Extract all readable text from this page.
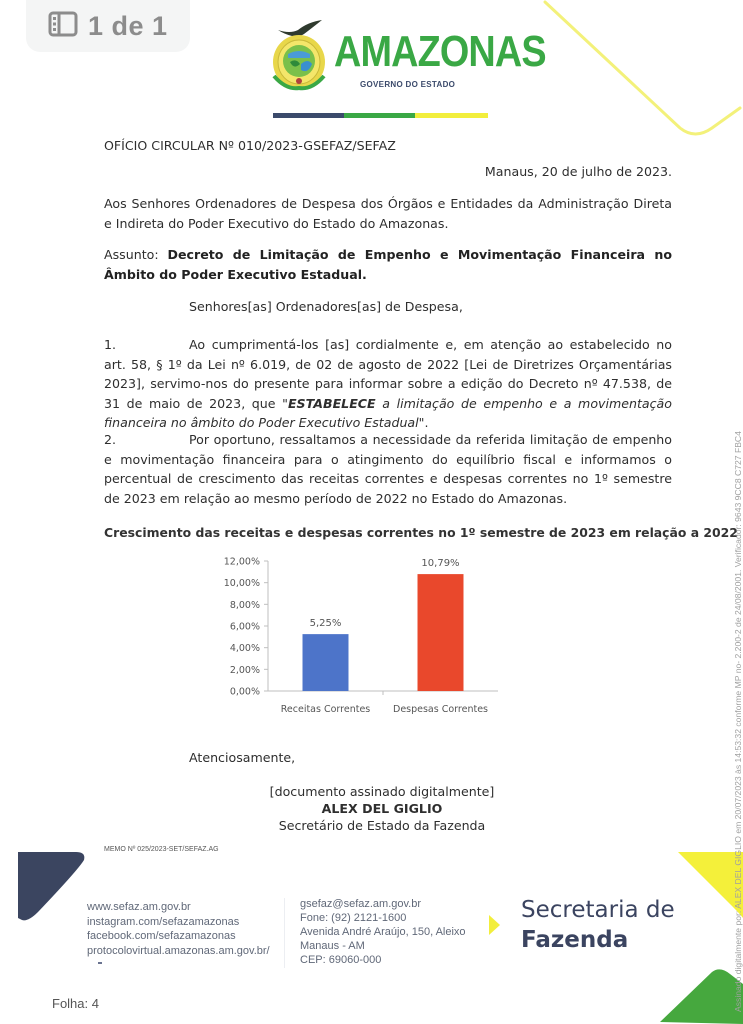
1 de 1
AMAZONAS
GOVERNO DO ESTADO
OFÍCIO CIRCULAR Nº 010/2023-GSEFAZ/SEFAZ
Manaus, 20 de julho de 2023.
Aos Senhores Ordenadores de Despesa dos Órgãos e Entidades da Administração Direta e Indireta do Poder Executivo do Estado do Amazonas.
Assunto: Decreto de Limitação de Empenho e Movimentação Financeira no Âmbito do Poder Executivo Estadual.
Senhores[as] Ordenadores[as] de Despesa,
1.	Ao cumprimentá-los [as] cordialmente e, em atenção ao estabelecido no art. 58, § 1º da Lei nº 6.019, de 02 de agosto de 2022 [Lei de Diretrizes Orçamentárias 2023], servimo-nos do presente para informar sobre a edição do Decreto nº 47.538, de 31 de maio de 2023, que "ESTABELECE a limitação de empenho e a movimentação financeira no âmbito do Poder Executivo Estadual".
2.	Por oportuno, ressaltamos a necessidade da referida limitação de empenho e movimentação financeira para o atingimento do equilíbrio fiscal e informamos o percentual de crescimento das receitas correntes e despesas correntes no 1º semestre de 2023 em relação ao mesmo período de 2022 no Estado do Amazonas.
Crescimento das receitas e despesas correntes no 1º semestre de 2023 em relação a 2022
0,00%
2,00%
4,00%
6,00%
8,00%
10,00%
12,00%
5,25%
Receitas Correntes
10,79%
Despesas Correntes
Atenciosamente,
[documento assinado digitalmente]
ALEX DEL GIGLIO
Secretário de Estado da Fazenda
MEMO Nº 025/2023-SET/SEFAZ.AG
www.sefaz.am.gov.br
instagram.com/sefazamazonas
facebook.com/sefazamazonas
protocolovirtual.amazonas.am.gov.br/
gsefaz@sefaz.am.gov.br
Fone: (92) 2121-1600
Avenida André Araújo, 150, Aleixo
Manaus - AM
CEP: 69060-000
Secretaria de
Fazenda
Folha: 4	Assinado digitalmente por: ALEX DEL GIGLIO em 20/07/2023 às 14:53:32 conforme MP no- 2.200-2 de 24/08/2001. Verificador: 9643 9CC8 C727 FBC4
